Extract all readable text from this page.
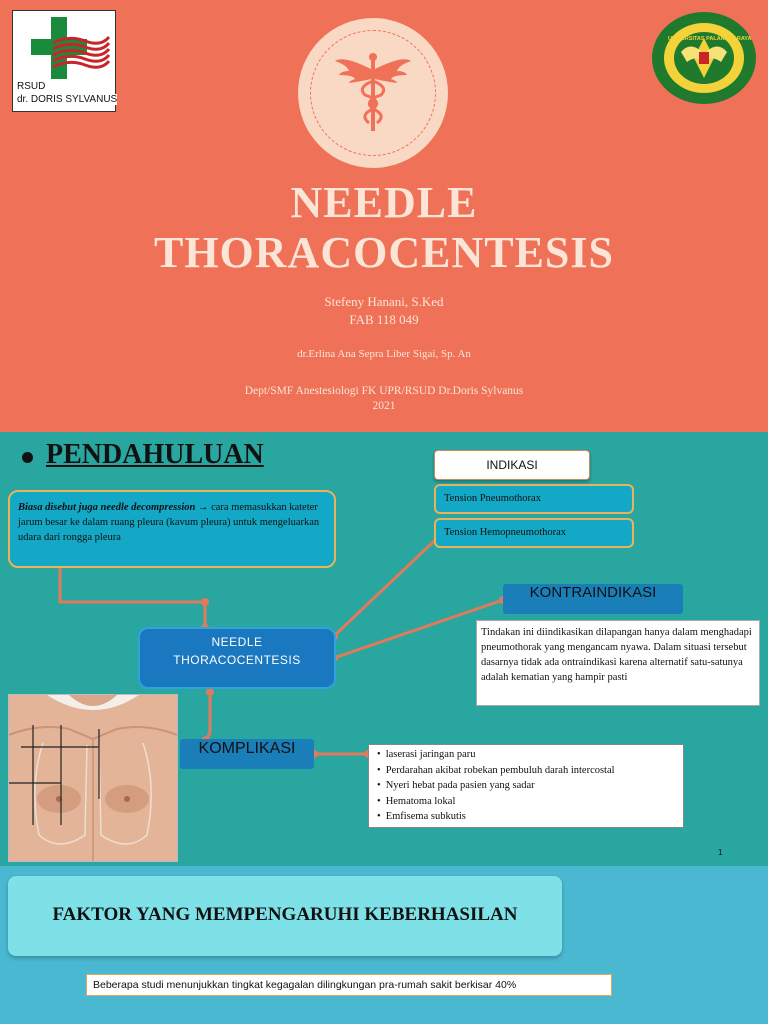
RSUD
dr. DORIS SYLVANUS
UNIVERSITAS PALANGKARAYA
NEEDLE
THORACOCENTESIS
Stefeny Hanani, S.Ked
FAB 118 049
dr.Erlina Ana Sepra Liber Sigai, Sp. An
Dept/SMF Anestesiologi FK UPR/RSUD Dr.Doris Sylvanus
2021
PENDAHULUAN
Biasa disebut juga needle decompression → cara memasukkan kateter jarum besar ke dalam ruang pleura (kavum pleura) untuk mengeluarkan udara dari rongga pleura
INDIKASI
Tension Pneumothorax
Tension Hemopneumothorax
KONTRAINDIKASI
Tindakan ini diindikasikan dilapangan hanya dalam menghadapi pneumothorak yang mengancam nyawa. Dalam situasi tersebut dasarnya tidak ada ontraindikasi karena alternatif satu-satunya adalah kematian yang hampir pasti
NEEDLE
THORACOCENTESIS
KOMPLIKASI
•	laserasi jaringan paru
• Perdarahan akibat robekan pembuluh darah intercostal
• Nyeri hebat pada pasien yang sadar
• Hematoma lokal
• Emfisema subkutis
1
FAKTOR YANG MEMPENGARUHI KEBERHASILAN
Beberapa studi menunjukkan tingkat kegagalan dilingkungan pra-rumah sakit berkisar 40%
